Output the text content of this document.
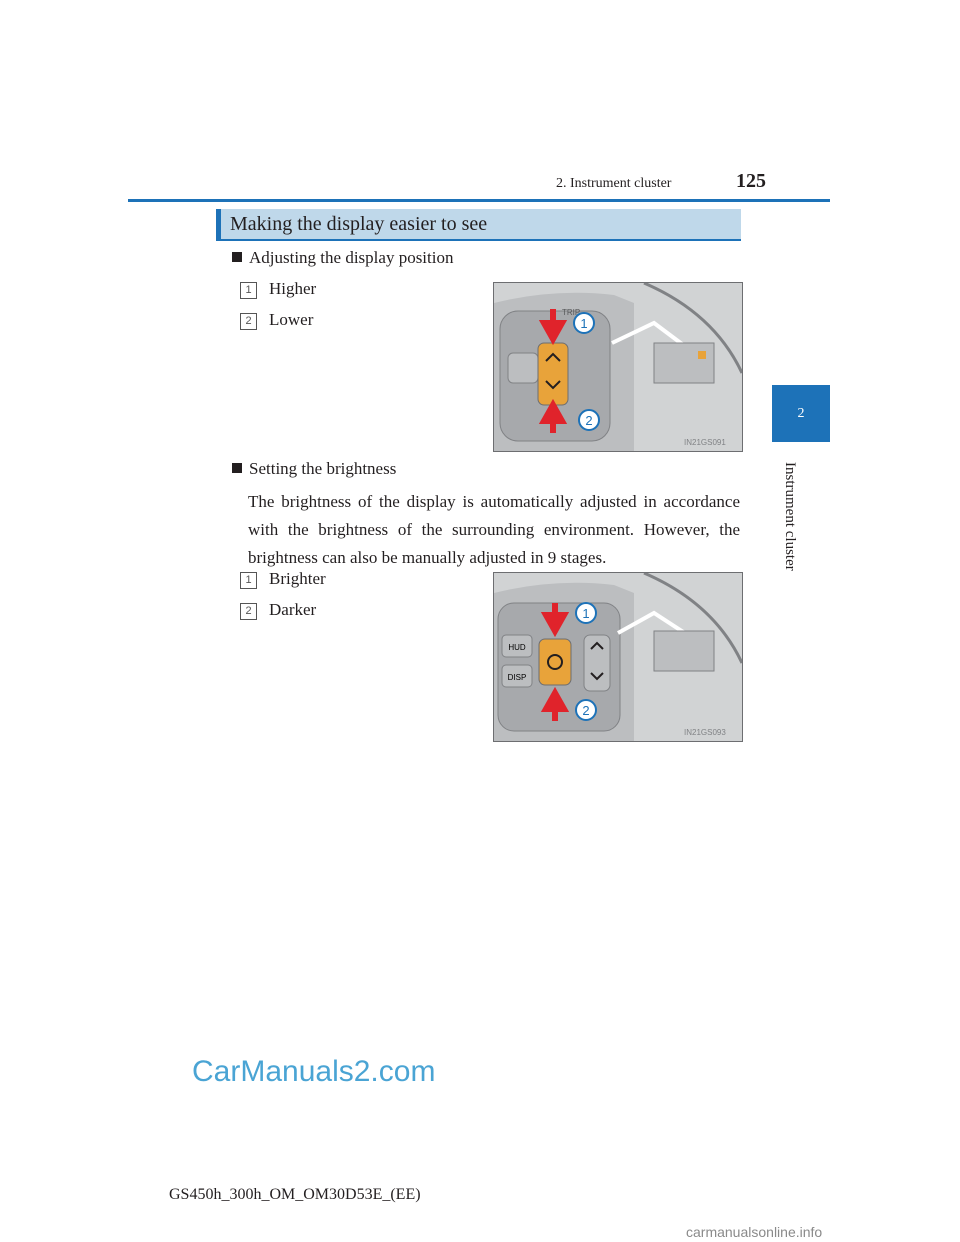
2. Instrument cluster	125
2
Instrument cluster
Making the display easier to see
Adjusting the display position
1 Higher
2 Lower	1
2
TRIP
IN21GS091
Setting the brightness
The brightness of the display is automatically adjusted in accordance with the brightness of the surrounding environment. However, the brightness can also be manually adjusted in 9 stages.
1 Brighter
2 Darker
HUD
DISP
1
2
IN21GS093
CarManuals2.com
GS450h_300h_OM_OM30D53E_(EE)
carmanualsonline.info
